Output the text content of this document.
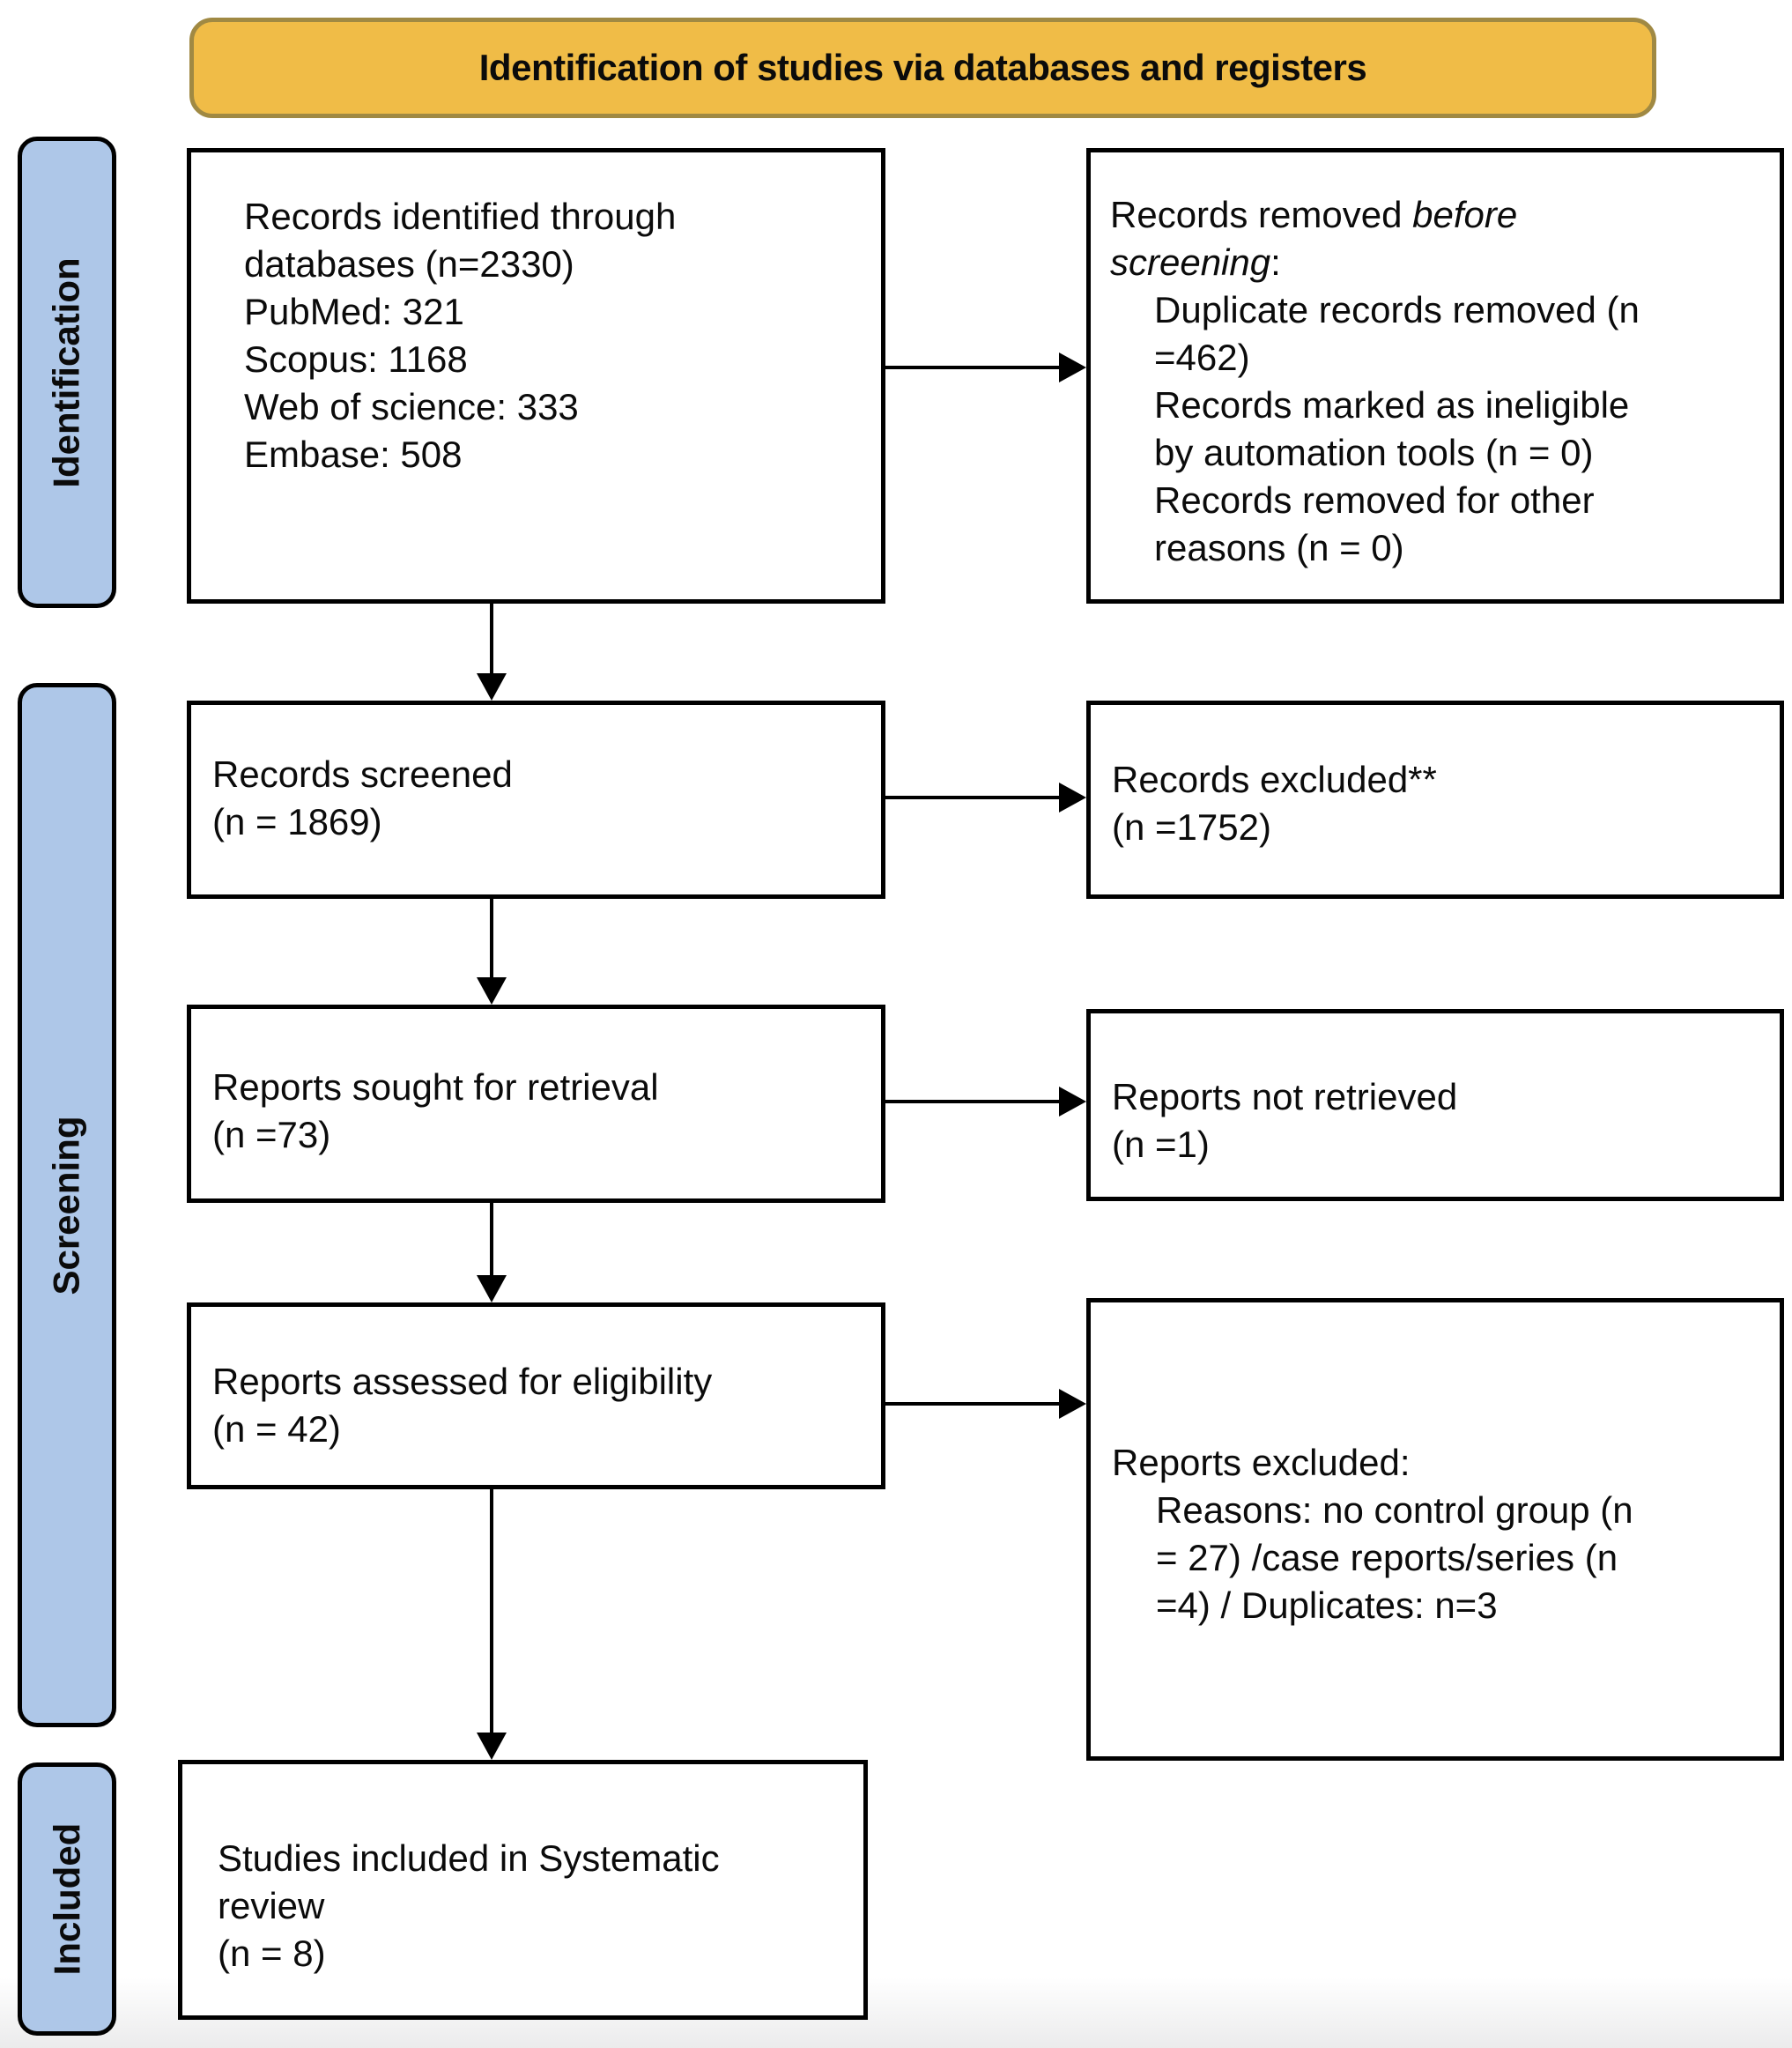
Identification of studies via databases and registers
Identification
Screening
Included
Records identified through
databases (n=2330)
PubMed: 321
Scopus: 1168
Web of science: 333
Embase: 508
Records removed before
screening:
Duplicate records removed (n
=462)
Records marked as ineligible
by automation tools (n = 0)
Records removed for other
reasons (n = 0)
Records screened
(n = 1869)
Records excluded**
(n =1752)
Reports sought for retrieval
(n =73)
Reports not retrieved
(n =1)
Reports assessed for eligibility
(n = 42)
Reports excluded:
Reasons: no control group (n
= 27) /case reports/series (n
=4) / Duplicates: n=3
Studies included in Systematic
review
(n = 8)
